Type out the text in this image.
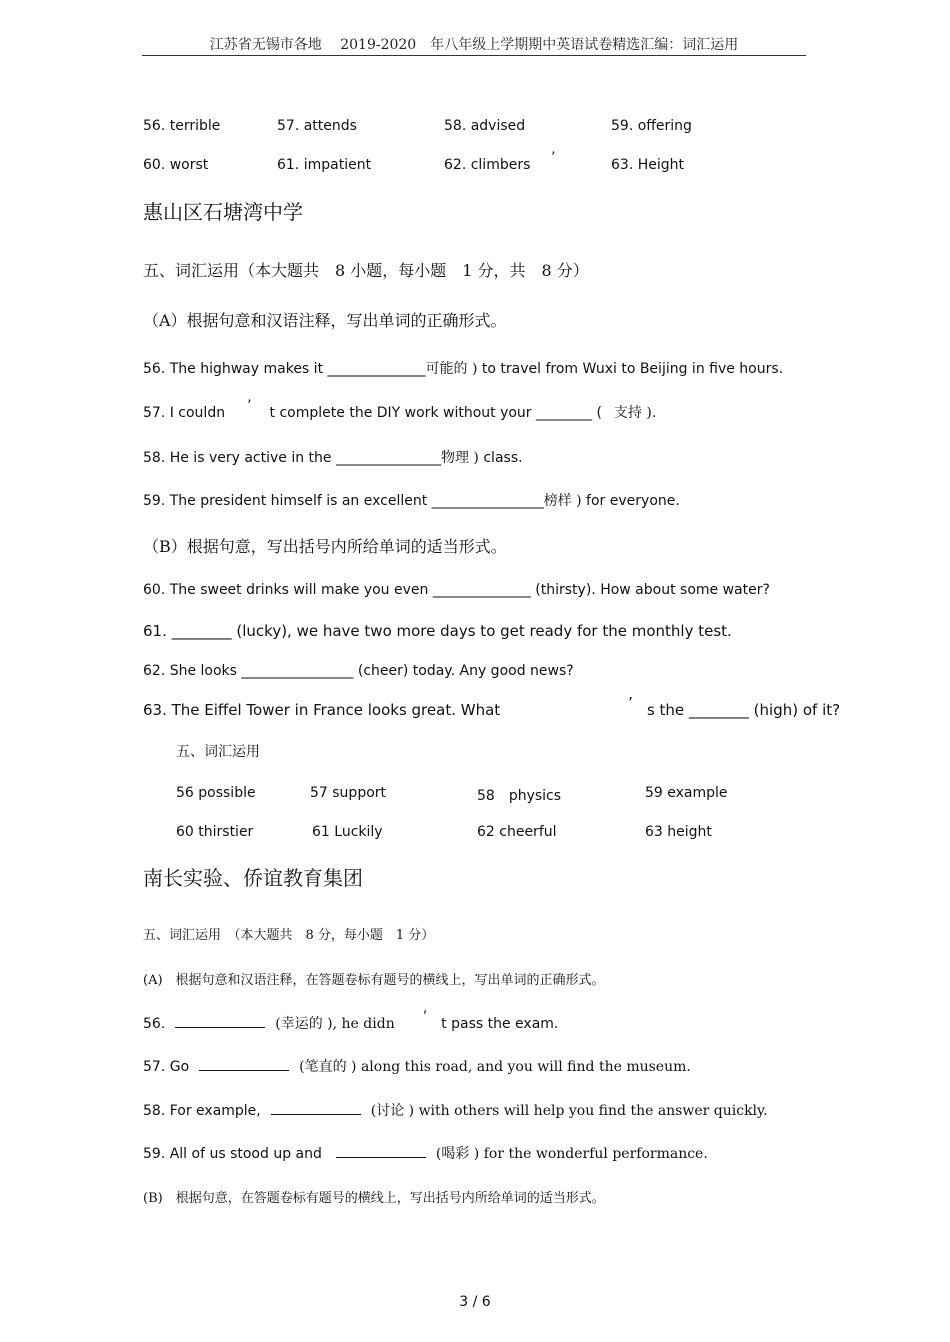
江苏省无锡市各地　 2019-2020　年八年级上学期期中英语试卷精选汇编：词汇运用
56. terrible	57. attends	58. advised	59. offering
60. worst	61. impatient	62. climbers ’	63. Height
惠山区石塘湾中学
五、词汇运用（本大题共　8 小题，每小题　1 分，共　8 分）
（A）根据句意和汉语注释，写出单词的正确形式。
56. The highway makes it ______________可能的 ) to travel from Wuxi to Beijing in five hours.
57. I couldn ’ t complete the DIY work without your ________ ( 支持 ).
58. He is very active in the _______________物理 ) class.
59. The president himself is an excellent ________________榜样 ) for everyone.
（B）根据句意，写出括号内所给单词的适当形式。
60. The sweet drinks will make you even ______________ (thirsty). How about some water?
61. ________ (lucky), we have two more days to get ready for the monthly test.
62. She looks ________________ (cheer) today. Any good news?
63. The Eiffel Tower in France looks great. What	’ s the ________ (high) of it?
五、词汇运用
56 possible	57 support	58　physics	59 example
60 thirstier	61 Luckily	62 cheerful	63 height
南长实验、侨谊教育集团
五、词汇运用　（本大题共　8 分，每小题　1 分）
(A)　根据句意和汉语注释，在答题卷标有题号的横线上，写出单词的正确形式。
56.	(幸运的 ), he didn ’ t pass the exam.
57. Go	(笔直的 ) along this road, and you will find the museum.
58. For example,	(讨论 ) with others will help you find the answer quickly.
59. All of us stood up and	(喝彩 ) for the wonderful performance.
(B)　根据句意，在答题卷标有题号的横线上，写出括号内所给单词的适当形式。
3 / 6
